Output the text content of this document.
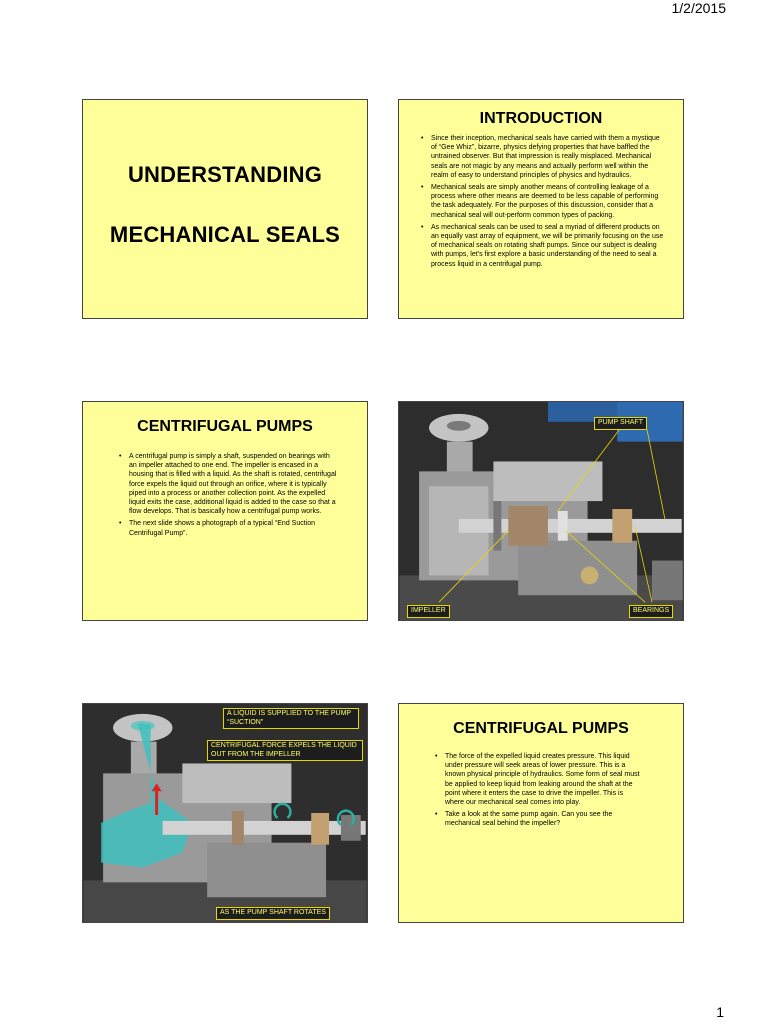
1/2/2015
UNDERSTANDING
MECHANICAL SEALS
INTRODUCTION
• Since their inception, mechanical seals have carried with them a mystique of “Gee Whiz”, bizarre, physics defying properties that have baffled the untrained observer. But that impression is really misplaced. Mechanical seals are not magic by any means and actually perform well within the realm of easy to understand principles of physics and hydraulics.
• Mechanical seals are simply another means of controlling leakage of a process where other means are deemed to be less capable of performing the task adequately. For the purposes of this discussion, consider that a mechanical seal will out-perform common types of packing.
• As mechanical seals can be used to seal a myriad of different products on an equally vast array of equipment, we will be primarily focusing on the use of mechanical seals on rotating shaft pumps. Since our subject is dealing with pumps, let’s first explore a basic understanding of the need to seal a process liquid in a centrifugal pump.
CENTRIFUGAL PUMPS
• A centrifugal pump is simply a shaft, suspended on bearings with an impeller attached to one end. The impeller is encased in a housing that is filled with a liquid. As the shaft is rotated, centrifugal force expels the liquid out through an orifice, where it is typically piped into a process or another collection point. As the expelled liquid exits the case, additional liquid is added to the case so that a flow develops. That is basically how a centrifugal pump works.
• The next slide shows a photograph of a typical “End Suction Centrifugal Pump”.
PUMP SHAFT
IMPELLER	BEARINGS
A LIQUID IS SUPPLIED TO THE PUMP “SUCTION”
CENTRIFUGAL FORCE EXPELS THE LIQUID OUT FROM THE IMPELLER
AS THE PUMP SHAFT ROTATES
CENTRIFUGAL PUMPS
• The force of the expelled liquid creates pressure. This liquid under pressure will seek areas of lower pressure. This is a known physical principle of hydraulics. Some form of seal must be applied to keep liquid from leaking around the shaft at the point where it enters the case to drive the impeller. This is where our mechanical seal comes into play.
• Take a look at the same pump again. Can you see the mechanical seal behind the impeller?
1
